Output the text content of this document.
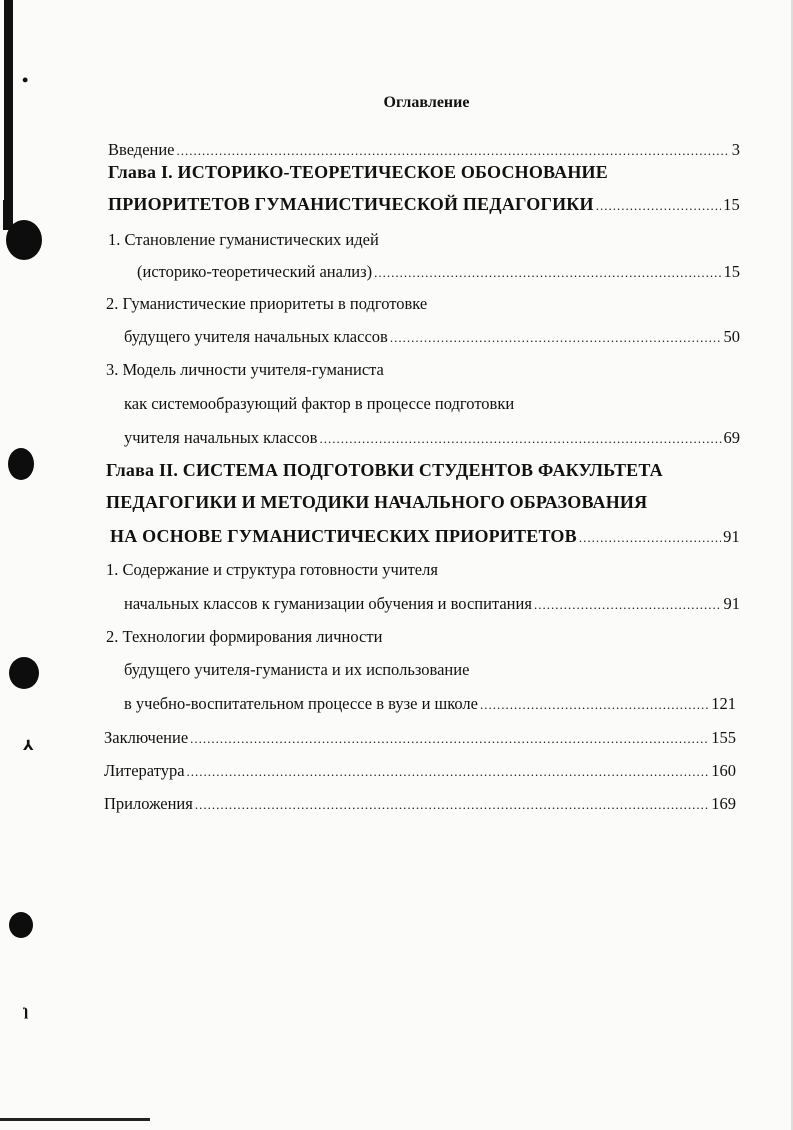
•
⅄
ɿ
Оглавление
Введение .....	3
Глава I. ИСТОРИКО-ТЕОРЕТИЧЕСКОЕ ОБОСНОВАНИЕ
ПРИОРИТЕТОВ ГУМАНИСТИЧЕСКОЙ ПЕДАГОГИКИ .....	15
1. Становление гуманистических идей
(историко-теоретический анализ) .....	15
2. Гуманистические приоритеты в подготовке
будущего учителя начальных классов .....	50
3. Модель личности учителя-гуманиста
как системообразующий фактор в процессе подготовки
учителя начальных классов .....	69
Глава II. СИСТЕМА ПОДГОТОВКИ СТУДЕНТОВ ФАКУЛЬТЕТА
ПЕДАГОГИКИ И МЕТОДИКИ НАЧАЛЬНОГО ОБРАЗОВАНИЯ
НА ОСНОВЕ ГУМАНИСТИЧЕСКИХ ПРИОРИТЕТОВ .....	91
1. Содержание и структура готовности учителя
начальных классов к гуманизации обучения и воспитания .....	91
2. Технологии формирования личности
будущего учителя-гуманиста и их использование
в учебно-воспитательном процессе в вузе и школе .....	121
Заключение .....	155
Литература .....	160
Приложения .....	169
